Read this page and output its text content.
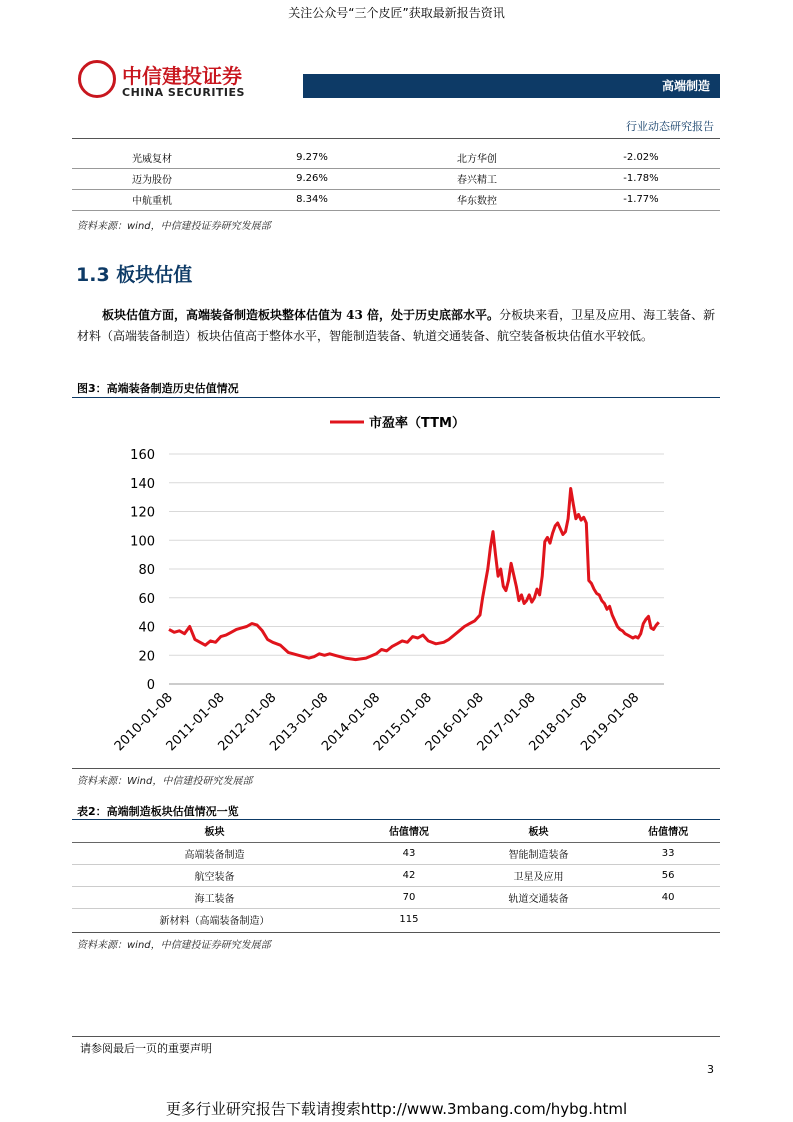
关注公众号“三个皮匠”获取最新报告资讯
中信建投证券
CHINA SECURITIES	高端制造
行业动态研究报告
光威复材	9.27%	北方华创	-2.02%
迈为股份	9.26%	春兴精工	-1.78%
中航重机	8.34%	华东数控	-1.77%
资料来源：wind，中信建投证券研究发展部
1.3 板块估值
板块估值方面，高端装备制造板块整体估值为 43 倍，处于历史底部水平。分板块来看，卫星及应用、海工装备、新材料（高端装备制造）板块估值高于整体水平，智能制造装备、轨道交通装备、航空装备板块估值水平较低。
图3：高端装备制造历史估值情况
0
20
40
60
80
100
120
140
160
2010-01-08
2011-01-08
2012-01-08
2013-01-08
2014-01-08
2015-01-08
2016-01-08
2017-01-08
2018-01-08
2019-01-08
市盈率（TTM）
资料来源：Wind，中信建投研究发展部
表2：高端制造板块估值情况一览
板块	估值情况	板块	估值情况
高端装备制造	43	智能制造装备	33
航空装备	42	卫星及应用	56
海工装备	70	轨道交通装备	40
新材料（高端装备制造）	115		
资料来源：wind，中信建投证券研究发展部
请参阅最后一页的重要声明
3
更多行业研究报告下载请搜索http://www.3mbang.com/hybg.html
